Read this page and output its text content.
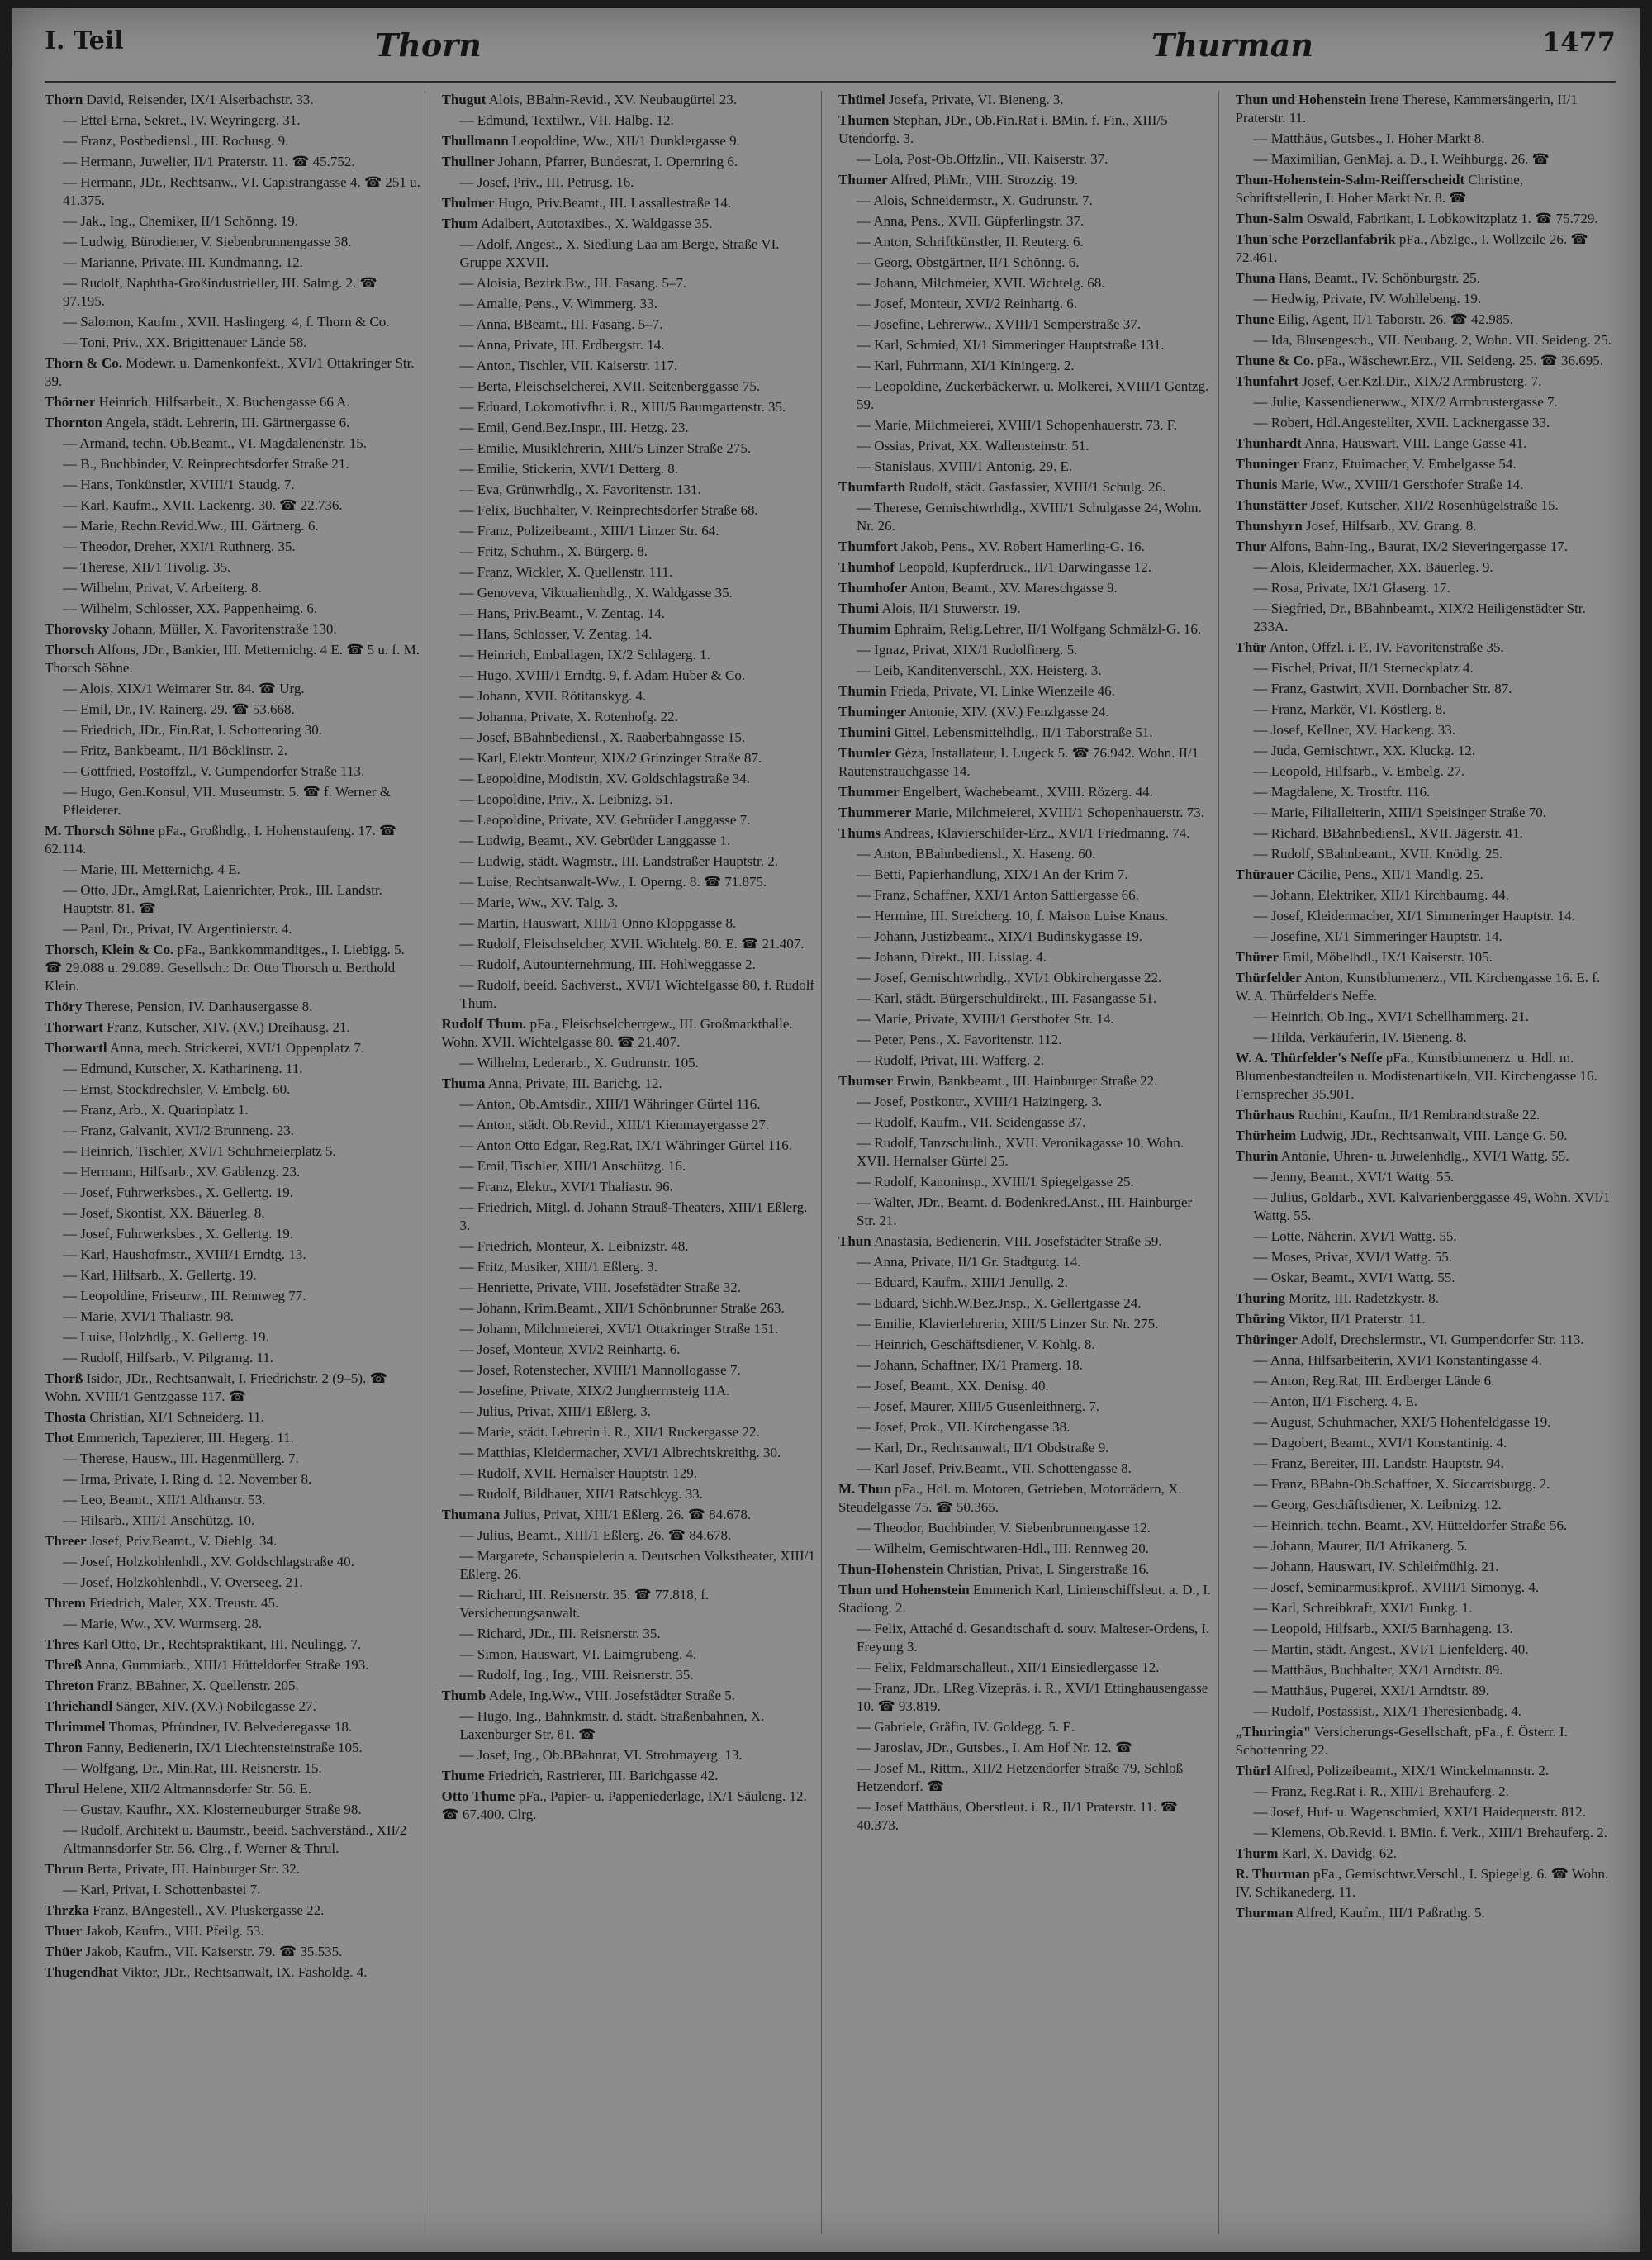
I. Teil	Thorn	Thurman	1477
Thorn David, Reisender, IX/1 Alserbachstr. 33.
— Ettel Erna, Sekret., IV. Weyringerg. 31.
— Franz, Postbediensl., III. Rochusg. 9.
— Hermann, Juwelier, II/1 Praterstr. 11. ☎ 45.752.
— Hermann, JDr., Rechtsanw., VI. Capistrangasse 4. ☎ 251 u. 41.375.
— Jak., Ing., Chemiker, II/1 Schönng. 19.
— Ludwig, Bürodiener, V. Siebenbrunnengasse 38.
— Marianne, Private, III. Kundmanng. 12.
— Rudolf, Naphtha-Großindustrieller, III. Salmg. 2. ☎ 97.195.
— Salomon, Kaufm., XVII. Haslingerg. 4, f. Thorn & Co.
— Toni, Priv., XX. Brigittenauer Lände 58.
Thorn & Co. Modewr. u. Damenkonfekt., XVI/1 Ottakringer Str. 39.
Thörner Heinrich, Hilfsarbeit., X. Buchengasse 66 A.
Thornton Angela, städt. Lehrerin, III. Gärtnergasse 6.
— Armand, techn. Ob.Beamt., VI. Magdalenenstr. 15.
— B., Buchbinder, V. Reinprechtsdorfer Straße 21.
— Hans, Tonkünstler, XVIII/1 Staudg. 7.
— Karl, Kaufm., XVII. Lackenrg. 30. ☎ 22.736.
— Marie, Rechn.Revid.Ww., III. Gärtnerg. 6.
— Theodor, Dreher, XXI/1 Ruthnerg. 35.
— Therese, XII/1 Tivolig. 35.
— Wilhelm, Privat, V. Arbeiterg. 8.
— Wilhelm, Schlosser, XX. Pappenheimg. 6.
Thorovsky Johann, Müller, X. Favoritenstraße 130.
Thorsch Alfons, JDr., Bankier, III. Metternichg. 4 E. ☎ 5 u. f. M. Thorsch Söhne.
— Alois, XIX/1 Weimarer Str. 84. ☎ Urg.
— Emil, Dr., IV. Rainerg. 29. ☎ 53.668.
— Friedrich, JDr., Fin.Rat, I. Schottenring 30.
— Fritz, Bankbeamt., II/1 Böcklinstr. 2.
— Gottfried, Postoffzl., V. Gumpendorfer Straße 113.
— Hugo, Gen.Konsul, VII. Museumstr. 5. ☎ f. Werner & Pfleiderer.
M. Thorsch Söhne pFa., Großhdlg., I. Hohenstaufeng. 17. ☎ 62.114.
— Marie, III. Metternichg. 4 E.
— Otto, JDr., Amgl.Rat, Laienrichter, Prok., III. Landstr. Hauptstr. 81. ☎
— Paul, Dr., Privat, IV. Argentinierstr. 4.
Thorsch, Klein & Co. pFa., Bankkommanditges., I. Liebigg. 5. ☎ 29.088 u. 29.089. Gesellsch.: Dr. Otto Thorsch u. Berthold Klein.
Thöry Therese, Pension, IV. Danhausergasse 8.
Thorwart Franz, Kutscher, XIV. (XV.) Dreihausg. 21.
Thorwartl Anna, mech. Strickerei, XVI/1 Oppenplatz 7.
— Edmund, Kutscher, X. Katharineng. 11.
— Ernst, Stockdrechsler, V. Embelg. 60.
— Franz, Arb., X. Quarinplatz 1.
— Franz, Galvanit, XVI/2 Brunneng. 23.
— Heinrich, Tischler, XVI/1 Schuhmeierplatz 5.
— Hermann, Hilfsarb., XV. Gablenzg. 23.
— Josef, Fuhrwerksbes., X. Gellertg. 19.
— Josef, Skontist, XX. Bäuerleg. 8.
— Josef, Fuhrwerksbes., X. Gellertg. 19.
— Karl, Haushofmstr., XVIII/1 Erndtg. 13.
— Karl, Hilfsarb., X. Gellertg. 19.
— Leopoldine, Friseurw., III. Rennweg 77.
— Marie, XVI/1 Thaliastr. 98.
— Luise, Holzhdlg., X. Gellertg. 19.
— Rudolf, Hilfsarb., V. Pilgramg. 11.
Thorß Isidor, JDr., Rechtsanwalt, I. Friedrichstr. 2 (9–5). ☎ Wohn. XVIII/1 Gentzgasse 117. ☎
Thosta Christian, XI/1 Schneiderg. 11.
Thot Emmerich, Tapezierer, III. Hegerg. 11.
— Therese, Hausw., III. Hagenmüllerg. 7.
— Irma, Private, I. Ring d. 12. November 8.
— Leo, Beamt., XII/1 Althanstr. 53.
— Hilsarb., XIII/1 Anschützg. 10.
Threer Josef, Priv.Beamt., V. Diehlg. 34.
— Josef, Holzkohlenhdl., XV. Goldschlagstraße 40.
— Josef, Holzkohlenhdl., V. Overseeg. 21.
Threm Friedrich, Maler, XX. Treustr. 45.
— Marie, Ww., XV. Wurmserg. 28.
Thres Karl Otto, Dr., Rechtspraktikant, III. Neulingg. 7.
Threß Anna, Gummiarb., XIII/1 Hütteldorfer Straße 193.
Threton Franz, BBahner, X. Quellenstr. 205.
Thriehandl Sänger, XIV. (XV.) Nobilegasse 27.
Thrimmel Thomas, Pfründner, IV. Belvederegasse 18.
Thron Fanny, Bedienerin, IX/1 Liechtensteinstraße 105.
— Wolfgang, Dr., Min.Rat, III. Reisnerstr. 15.
Thrul Helene, XII/2 Altmannsdorfer Str. 56. E.
— Gustav, Kaufhr., XX. Klosterneuburger Straße 98.
— Rudolf, Architekt u. Baumstr., beeid. Sachverständ., XII/2 Altmannsdorfer Str. 56. Clrg., f. Werner & Thrul.
Thrun Berta, Private, III. Hainburger Str. 32.
— Karl, Privat, I. Schottenbastei 7.
Thrzka Franz, BAngestell., XV. Pluskergasse 22.
Thuer Jakob, Kaufm., VIII. Pfeilg. 53.
Thüer Jakob, Kaufm., VII. Kaiserstr. 79. ☎ 35.535.
Thugendhat Viktor, JDr., Rechtsanwalt, IX. Fasholdg. 4.
Thugut Alois, BBahn-Revid., XV. Neubaugürtel 23.
— Edmund, Textilwr., VII. Halbg. 12.
Thullmann Leopoldine, Ww., XII/1 Dunklergasse 9.
Thullner Johann, Pfarrer, Bundesrat, I. Opernring 6.
— Josef, Priv., III. Petrusg. 16.
Thulmer Hugo, Priv.Beamt., III. Lassallestraße 14.
Thum Adalbert, Autotaxibes., X. Waldgasse 35.
— Adolf, Angest., X. Siedlung Laa am Berge, Straße VI. Gruppe XXVII.
— Aloisia, Bezirk.Bw., III. Fasang. 5–7.
— Amalie, Pens., V. Wimmerg. 33.
— Anna, BBeamt., III. Fasang. 5–7.
— Anna, Private, III. Erdbergstr. 14.
— Anton, Tischler, VII. Kaiserstr. 117.
— Berta, Fleischselcherei, XVII. Seitenberggasse 75.
— Eduard, Lokomotivfhr. i. R., XIII/5 Baumgartenstr. 35.
— Emil, Gend.Bez.Inspr., III. Hetzg. 23.
— Emilie, Musiklehrerin, XIII/5 Linzer Straße 275.
— Emilie, Stickerin, XVI/1 Detterg. 8.
— Eva, Grünwrhdlg., X. Favoritenstr. 131.
— Felix, Buchhalter, V. Reinprechtsdorfer Straße 68.
— Franz, Polizeibeamt., XIII/1 Linzer Str. 64.
— Fritz, Schuhm., X. Bürgerg. 8.
— Franz, Wickler, X. Quellenstr. 111.
— Genoveva, Viktualienhdlg., X. Waldgasse 35.
— Hans, Priv.Beamt., V. Zentag. 14.
— Hans, Schlosser, V. Zentag. 14.
— Heinrich, Emballagen, IX/2 Schlagerg. 1.
— Hugo, XVIII/1 Erndtg. 9, f. Adam Huber & Co.
— Johann, XVII. Rötitanskyg. 4.
— Johanna, Private, X. Rotenhofg. 22.
— Josef, BBahnbediensl., X. Raaberbahngasse 15.
— Karl, Elektr.Monteur, XIX/2 Grinzinger Straße 87.
— Leopoldine, Modistin, XV. Goldschlagstraße 34.
— Leopoldine, Priv., X. Leibnizg. 51.
— Leopoldine, Private, XV. Gebrüder Langgasse 7.
— Ludwig, Beamt., XV. Gebrüder Langgasse 1.
— Ludwig, städt. Wagmstr., III. Landstraßer Hauptstr. 2.
— Luise, Rechtsanwalt-Ww., I. Operng. 8. ☎ 71.875.
— Marie, Ww., XV. Talg. 3.
— Martin, Hauswart, XIII/1 Onno Kloppgasse 8.
— Rudolf, Fleischselcher, XVII. Wichtelg. 80. E. ☎ 21.407.
— Rudolf, Autounternehmung, III. Hohlweggasse 2.
— Rudolf, beeid. Sachverst., XVI/1 Wichtelgasse 80, f. Rudolf Thum.
Rudolf Thum. pFa., Fleischselcherrgew., III. Großmarkthalle. Wohn. XVII. Wichtelgasse 80. ☎ 21.407.
— Wilhelm, Lederarb., X. Gudrunstr. 105.
Thuma Anna, Private, III. Barichg. 12.
— Anton, Ob.Amtsdir., XIII/1 Währinger Gürtel 116.
— Anton, städt. Ob.Revid., XIII/1 Kienmayergasse 27.
— Anton Otto Edgar, Reg.Rat, IX/1 Währinger Gürtel 116.
— Emil, Tischler, XIII/1 Anschützg. 16.
— Franz, Elektr., XVI/1 Thaliastr. 96.
— Friedrich, Mitgl. d. Johann Strauß-Theaters, XIII/1 Eßlerg. 3.
— Friedrich, Monteur, X. Leibnizstr. 48.
— Fritz, Musiker, XIII/1 Eßlerg. 3.
— Henriette, Private, VIII. Josefstädter Straße 32.
— Johann, Krim.Beamt., XII/1 Schönbrunner Straße 263.
— Johann, Milchmeierei, XVI/1 Ottakringer Straße 151.
— Josef, Monteur, XVI/2 Reinhartg. 6.
— Josef, Rotenstecher, XVIII/1 Mannollogasse 7.
— Josefine, Private, XIX/2 Jungherrnsteig 11A.
— Julius, Privat, XIII/1 Eßlerg. 3.
— Marie, städt. Lehrerin i. R., XII/1 Ruckergasse 22.
— Matthias, Kleidermacher, XVI/1 Albrechtskreithg. 30.
— Rudolf, XVII. Hernalser Hauptstr. 129.
— Rudolf, Bildhauer, XII/1 Ratschkyg. 33.
Thumana Julius, Privat, XIII/1 Eßlerg. 26. ☎ 84.678.
— Julius, Beamt., XIII/1 Eßlerg. 26. ☎ 84.678.
— Margarete, Schauspielerin a. Deutschen Volkstheater, XIII/1 Eßlerg. 26.
— Richard, III. Reisnerstr. 35. ☎ 77.818, f. Versicherungsanwalt.
— Richard, JDr., III. Reisnerstr. 35.
— Simon, Hauswart, VI. Laimgrubeng. 4.
— Rudolf, Ing., Ing., VIII. Reisnerstr. 35.
Thumb Adele, Ing.Ww., VIII. Josefstädter Straße 5.
— Hugo, Ing., Bahnkmstr. d. städt. Straßenbahnen, X. Laxenburger Str. 81. ☎
— Josef, Ing., Ob.BBahnrat, VI. Strohmayerg. 13.
Thume Friedrich, Rastrierer, III. Barichgasse 42.
Otto Thume pFa., Papier- u. Pappeniederlage, IX/1 Säuleng. 12. ☎ 67.400. Clrg.
Thümel Josefa, Private, VI. Bieneng. 3.
Thumen Stephan, JDr., Ob.Fin.Rat i. BMin. f. Fin., XIII/5 Utendorfg. 3.
— Lola, Post-Ob.Offzlin., VII. Kaiserstr. 37.
Thumer Alfred, PhMr., VIII. Strozzig. 19.
— Alois, Schneidermstr., X. Gudrunstr. 7.
— Anna, Pens., XVII. Güpferlingstr. 37.
— Anton, Schriftkünstler, II. Reuterg. 6.
— Georg, Obstgärtner, II/1 Schönng. 6.
— Johann, Milchmeier, XVII. Wichtelg. 68.
— Josef, Monteur, XVI/2 Reinhartg. 6.
— Josefine, Lehrerww., XVIII/1 Semperstraße 37.
— Karl, Schmied, XI/1 Simmeringer Hauptstraße 131.
— Karl, Fuhrmann, XI/1 Kiningerg. 2.
— Leopoldine, Zuckerbäckerwr. u. Molkerei, XVIII/1 Gentzg. 59.
— Marie, Milchmeierei, XVIII/1 Schopenhauerstr. 73. F.
— Ossias, Privat, XX. Wallensteinstr. 51.
— Stanislaus, XVIII/1 Antonig. 29. E.
Thumfarth Rudolf, städt. Gasfassier, XVIII/1 Schulg. 26.
— Therese, Gemischtwrhdlg., XVIII/1 Schulgasse 24, Wohn. Nr. 26.
Thumfort Jakob, Pens., XV. Robert Hamerling-G. 16.
Thumhof Leopold, Kupferdruck., II/1 Darwingasse 12.
Thumhofer Anton, Beamt., XV. Mareschgasse 9.
Thumi Alois, II/1 Stuwerstr. 19.
Thumim Ephraim, Relig.Lehrer, II/1 Wolfgang Schmälzl-G. 16.
— Ignaz, Privat, XIX/1 Rudolfinerg. 5.
— Leib, Kanditenverschl., XX. Heisterg. 3.
Thumin Frieda, Private, VI. Linke Wienzeile 46.
Thuminger Antonie, XIV. (XV.) Fenzlgasse 24.
Thumini Gittel, Lebensmittelhdlg., II/1 Taborstraße 51.
Thumler Géza, Installateur, I. Lugeck 5. ☎ 76.942. Wohn. II/1 Rautenstrauchgasse 14.
Thummer Engelbert, Wachebeamt., XVIII. Rözerg. 44.
Thummerer Marie, Milchmeierei, XVIII/1 Schopenhauerstr. 73.
Thums Andreas, Klavierschilder-Erz., XVI/1 Friedmanng. 74.
— Anton, BBahnbediensl., X. Haseng. 60.
— Betti, Papierhandlung, XIX/1 An der Krim 7.
— Franz, Schaffner, XXI/1 Anton Sattlergasse 66.
— Hermine, III. Streicherg. 10, f. Maison Luise Knaus.
— Johann, Justizbeamt., XIX/1 Budinskygasse 19.
— Johann, Direkt., III. Lisslag. 4.
— Josef, Gemischtwrhdlg., XVI/1 Obkirchergasse 22.
— Karl, städt. Bürgerschuldirekt., III. Fasangasse 51.
— Marie, Private, XVIII/1 Gersthofer Str. 14.
— Peter, Pens., X. Favoritenstr. 112.
— Rudolf, Privat, III. Wafferg. 2.
Thumser Erwin, Bankbeamt., III. Hainburger Straße 22.
— Josef, Postkontr., XVIII/1 Haizingerg. 3.
— Rudolf, Kaufm., VII. Seidengasse 37.
— Rudolf, Tanzschulinh., XVII. Veronikagasse 10, Wohn. XVII. Hernalser Gürtel 25.
— Rudolf, Kanoninsp., XVIII/1 Spiegelgasse 25.
— Walter, JDr., Beamt. d. Bodenkred.Anst., III. Hainburger Str. 21.
Thun Anastasia, Bedienerin, VIII. Josefstädter Straße 59.
— Anna, Private, II/1 Gr. Stadtgutg. 14.
— Eduard, Kaufm., XIII/1 Jenullg. 2.
— Eduard, Sichh.W.Bez.Jnsp., X. Gellertgasse 24.
— Emilie, Klavierlehrerin, XIII/5 Linzer Str. Nr. 275.
— Heinrich, Geschäftsdiener, V. Kohlg. 8.
— Johann, Schaffner, IX/1 Pramerg. 18.
— Josef, Beamt., XX. Denisg. 40.
— Josef, Maurer, XIII/5 Gusenleithnerg. 7.
— Josef, Prok., VII. Kirchengasse 38.
— Karl, Dr., Rechtsanwalt, II/1 Obdstraße 9.
— Karl Josef, Priv.Beamt., VII. Schottengasse 8.
M. Thun pFa., Hdl. m. Motoren, Getrieben, Motorrädern, X. Steudelgasse 75. ☎ 50.365.
— Theodor, Buchbinder, V. Siebenbrunnengasse 12.
— Wilhelm, Gemischtwaren-Hdl., III. Rennweg 20.
Thun-Hohenstein Christian, Privat, I. Singerstraße 16.
Thun und Hohenstein Emmerich Karl, Linienschiffsleut. a. D., I. Stadiong. 2.
— Felix, Attaché d. Gesandtschaft d. souv. Malteser-Ordens, I. Freyung 3.
— Felix, Feldmarschalleut., XII/1 Einsiedlergasse 12.
— Franz, JDr., LReg.Vizepräs. i. R., XVI/1 Ettinghausengasse 10. ☎ 93.819.
— Gabriele, Gräfin, IV. Goldegg. 5. E.
— Jaroslav, JDr., Gutsbes., I. Am Hof Nr. 12. ☎
— Josef M., Rittm., XII/2 Hetzendorfer Straße 79, Schloß Hetzendorf. ☎
— Josef Matthäus, Oberstleut. i. R., II/1 Praterstr. 11. ☎ 40.373.
Thun und Hohenstein Irene Therese, Kammersängerin, II/1 Praterstr. 11.
— Matthäus, Gutsbes., I. Hoher Markt 8.
— Maximilian, GenMaj. a. D., I. Weihburgg. 26. ☎
Thun-Hohenstein-Salm-Reifferscheidt Christine, Schriftstellerin, I. Hoher Markt Nr. 8. ☎
Thun-Salm Oswald, Fabrikant, I. Lobkowitzplatz 1. ☎ 75.729.
Thun'sche Porzellanfabrik pFa., Abzlge., I. Wollzeile 26. ☎ 72.461.
Thuna Hans, Beamt., IV. Schönburgstr. 25.
— Hedwig, Private, IV. Wohllebeng. 19.
Thune Eilig, Agent, II/1 Taborstr. 26. ☎ 42.985.
— Ida, Blusengesch., VII. Neubaug. 2, Wohn. VII. Seideng. 25.
Thune & Co. pFa., Wäschewr.Erz., VII. Seideng. 25. ☎ 36.695.
Thunfahrt Josef, Ger.Kzl.Dir., XIX/2 Armbrusterg. 7.
— Julie, Kassendienerww., XIX/2 Armbrustergasse 7.
— Robert, Hdl.Angestellter, XVII. Lacknergasse 33.
Thunhardt Anna, Hauswart, VIII. Lange Gasse 41.
Thuninger Franz, Etuimacher, V. Embelgasse 54.
Thunis Marie, Ww., XVIII/1 Gersthofer Straße 14.
Thunstätter Josef, Kutscher, XII/2 Rosenhügelstraße 15.
Thunshyrn Josef, Hilfsarb., XV. Grang. 8.
Thur Alfons, Bahn-Ing., Baurat, IX/2 Sieveringergasse 17.
— Alois, Kleidermacher, XX. Bäuerleg. 9.
— Rosa, Private, IX/1 Glaserg. 17.
— Siegfried, Dr., BBahnbeamt., XIX/2 Heiligenstädter Str. 233A.
Thür Anton, Offzl. i. P., IV. Favoritenstraße 35.
— Fischel, Privat, II/1 Sterneckplatz 4.
— Franz, Gastwirt, XVII. Dornbacher Str. 87.
— Franz, Markör, VI. Köstlerg. 8.
— Josef, Kellner, XV. Hackeng. 33.
— Juda, Gemischtwr., XX. Kluckg. 12.
— Leopold, Hilfsarb., V. Embelg. 27.
— Magdalene, X. Trostftr. 116.
— Marie, Filialleiterin, XIII/1 Speisinger Straße 70.
— Richard, BBahnbediensl., XVII. Jägerstr. 41.
— Rudolf, SBahnbeamt., XVII. Knödlg. 25.
Thürauer Cäcilie, Pens., XII/1 Mandlg. 25.
— Johann, Elektriker, XII/1 Kirchbaumg. 44.
— Josef, Kleidermacher, XI/1 Simmeringer Hauptstr. 14.
— Josefine, XI/1 Simmeringer Hauptstr. 14.
Thürer Emil, Möbelhdl., IX/1 Kaiserstr. 105.
Thürfelder Anton, Kunstblumenerz., VII. Kirchengasse 16. E. f. W. A. Thürfelder's Neffe.
— Heinrich, Ob.Ing., XVI/1 Schellhammerg. 21.
— Hilda, Verkäuferin, IV. Bieneng. 8.
W. A. Thürfelder's Neffe pFa., Kunstblumenerz. u. Hdl. m. Blumenbestandteilen u. Modistenartikeln, VII. Kirchengasse 16. Fernsprecher 35.901.
Thürhaus Ruchim, Kaufm., II/1 Rembrandtstraße 22.
Thürheim Ludwig, JDr., Rechtsanwalt, VIII. Lange G. 50.
Thurin Antonie, Uhren- u. Juwelenhdlg., XVI/1 Wattg. 55.
— Jenny, Beamt., XVI/1 Wattg. 55.
— Julius, Goldarb., XVI. Kalvarienberggasse 49, Wohn. XVI/1 Wattg. 55.
— Lotte, Näherin, XVI/1 Wattg. 55.
— Moses, Privat, XVI/1 Wattg. 55.
— Oskar, Beamt., XVI/1 Wattg. 55.
Thuring Moritz, III. Radetzkystr. 8.
Thüring Viktor, II/1 Praterstr. 11.
Thüringer Adolf, Drechslermstr., VI. Gumpendorfer Str. 113.
— Anna, Hilfsarbeiterin, XVI/1 Konstantingasse 4.
— Anton, Reg.Rat, III. Erdberger Lände 6.
— Anton, II/1 Fischerg. 4. E.
— August, Schuhmacher, XXI/5 Hohenfeldgasse 19.
— Dagobert, Beamt., XVI/1 Konstantinig. 4.
— Franz, Bereiter, III. Landstr. Hauptstr. 94.
— Franz, BBahn-Ob.Schaffner, X. Siccardsburgg. 2.
— Georg, Geschäftsdiener, X. Leibnizg. 12.
— Heinrich, techn. Beamt., XV. Hütteldorfer Straße 56.
— Johann, Maurer, II/1 Afrikanerg. 5.
— Johann, Hauswart, IV. Schleifmühlg. 21.
— Josef, Seminarmusikprof., XVIII/1 Simonyg. 4.
— Karl, Schreibkraft, XXI/1 Funkg. 1.
— Leopold, Hilfsarb., XXI/5 Barnhageng. 13.
— Martin, städt. Angest., XVI/1 Lienfelderg. 40.
— Matthäus, Buchhalter, XX/1 Arndtstr. 89.
— Matthäus, Pugerei, XXI/1 Arndtstr. 89.
— Rudolf, Postassist., XIX/1 Theresienbadg. 4.
„Thuringia" Versicherungs-Gesellschaft, pFa., f. Österr. I. Schottenring 22.
Thürl Alfred, Polizeibeamt., XIX/1 Winckelmannstr. 2.
— Franz, Reg.Rat i. R., XIII/1 Brehauferg. 2.
— Josef, Huf- u. Wagenschmied, XXI/1 Haidequerstr. 812.
— Klemens, Ob.Revid. i. BMin. f. Verk., XIII/1 Brehauferg. 2.
Thurm Karl, X. Davidg. 62.
R. Thurman pFa., Gemischtwr.Verschl., I. Spiegelg. 6. ☎ Wohn. IV. Schikanederg. 11.
Thurman Alfred, Kaufm., III/1 Paßrathg. 5.
